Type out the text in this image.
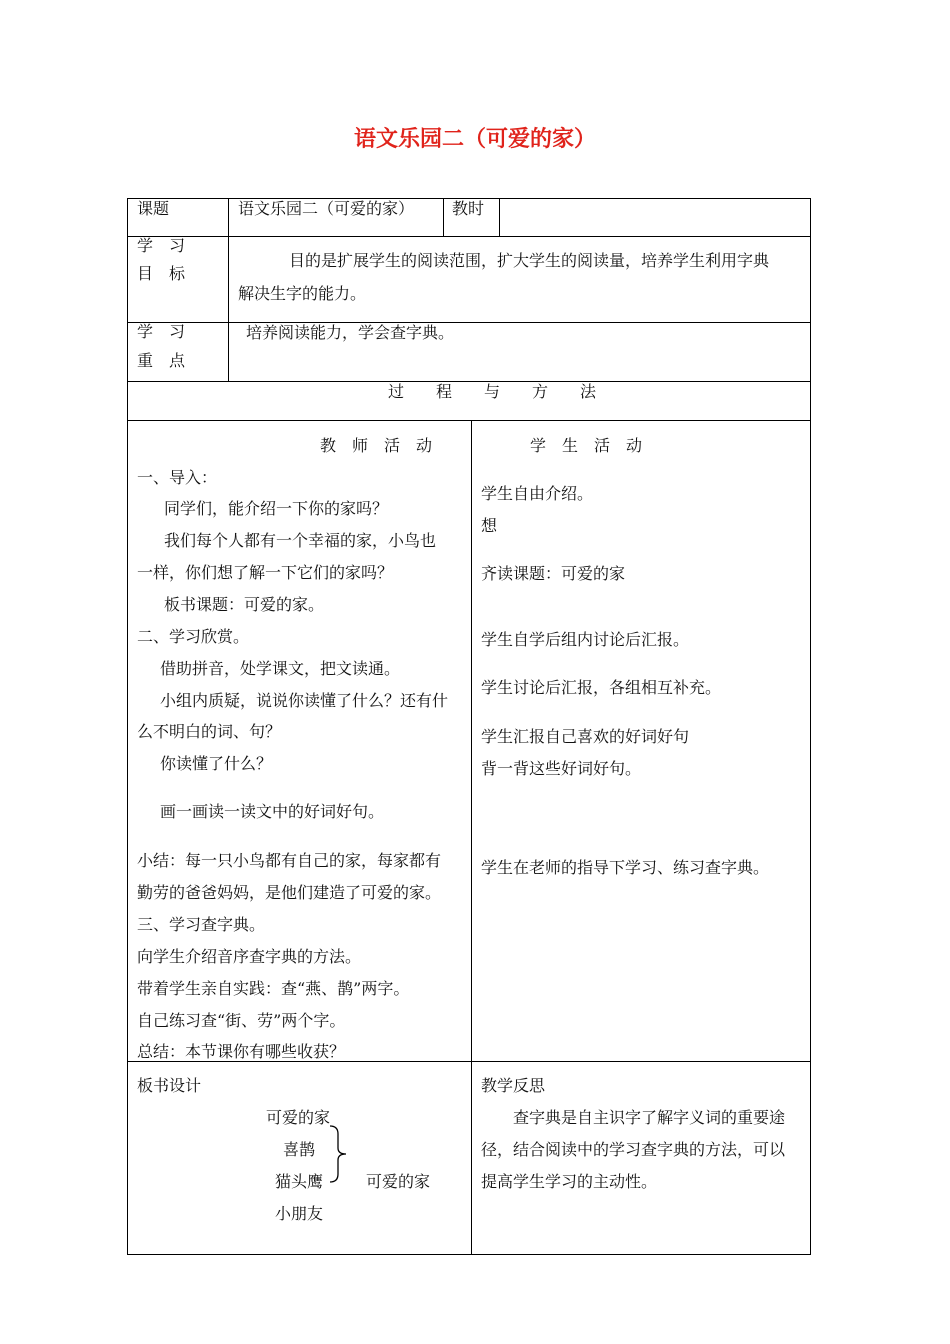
语文乐园二（可爱的家）
课题	语文乐园二（可爱的家） 教时
学　习
目　标
目的是扩展学生的阅读范围，扩大学生的阅读量，培养学生利用字典
解决生字的能力。
学　习
重　点
培养阅读能力，学会查字典。
过　　程　　与　　方　　法
教　师　活　动
一、导入：
同学们，能介绍一下你的家吗？
我们每个人都有一个幸福的家，小鸟也
一样，你们想了解一下它们的家吗？
板书课题：可爱的家。
二、学习欣赏。
借助拼音，处学课文，把文读通。
小组内质疑，说说你读懂了什么？还有什
么不明白的词、句？
你读懂了什么？
画一画读一读文中的好词好句。
小结：每一只小鸟都有自己的家，每家都有
勤劳的爸爸妈妈，是他们建造了可爱的家。
三、学习查字典。
向学生介绍音序查字典的方法。
带着学生亲自实践：查“燕、鹊”两字。
自己练习查“街、劳”两个字。
总结：本节课你有哪些收获？
学　生　活　动
学生自由介绍。
想
齐读课题：可爱的家
学生自学后组内讨论后汇报。
学生讨论后汇报，各组相互补充。
学生汇报自己喜欢的好词好句
背一背这些好词好句。
学生在老师的指导下学习、练习查字典。
板书设计
可爱的家
喜鹊
猫头鹰
小朋友
可爱的家
教学反思
查字典是自主识字了解字义词的重要途
径，结合阅读中的学习查字典的方法，可以
提高学生学习的主动性。
